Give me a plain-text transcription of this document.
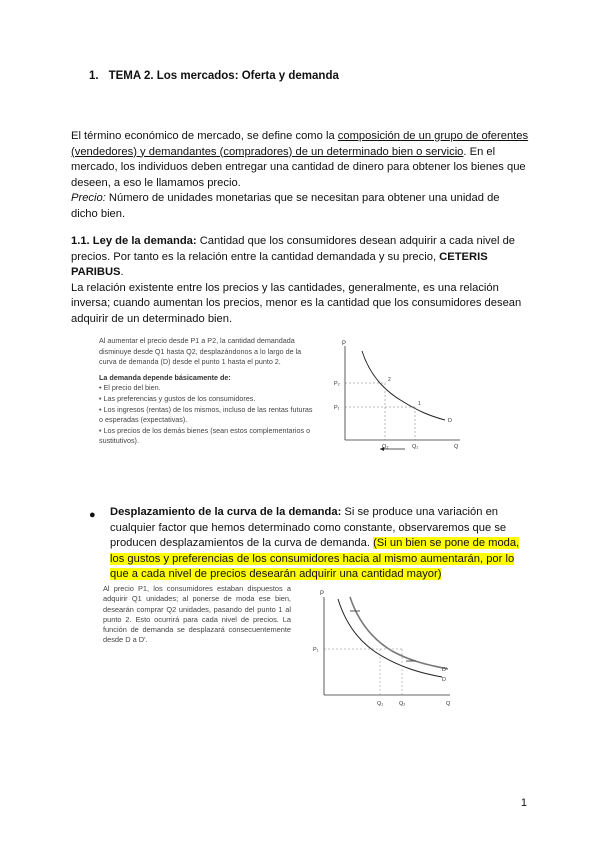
1. TEMA 2. Los mercados: Oferta y demanda
El término económico de mercado, se define como la composición de un grupo de oferentes (vendedores) y demandantes (compradores) de un determinado bien o servicio. En el mercado, los individuos deben entregar una cantidad de dinero para obtener los bienes que deseen, a eso le llamamos precio.
Precio: Número de unidades monetarias que se necesitan para obtener una unidad de dicho bien.
1.1. Ley de la demanda: Cantidad que los consumidores desean adquirir a cada nivel de precios. Por tanto es la relación entre la cantidad demandada y su precio, CETERIS PARIBUS.
La relación existente entre los precios y las cantidades, generalmente, es una relación inversa; cuando aumentan los precios, menor es la cantidad que los consumidores desean adquirir de un determinado bien.
Al aumentar el precio desde P1 a P2, la cantidad demandada disminuye desde Q1 hasta Q2, desplazándonos a lo largo de la curva de demanda (D) desde el punto 1 hasta el punto 2.
La demanda depende básicamente de:
• El precio del bien.
• Las preferencias y gustos de los consumidores.
• Los ingresos (rentas) de los mismos, incluso de las rentas futuras o esperadas (expectativas).
• Los precios de los demás bienes (sean estos complementarios o sustitutivos).
P
P₂
P₁
Q₂	Q₁	Q
D
2
1
● Desplazamiento de la curva de la demanda: Si se produce una variación en cualquier factor que hemos determinado como constante, observaremos que se producen desplazamientos de la curva de demanda. (Si un bien se pone de moda, los gustos y preferencias de los consumidores hacia al mismo aumentarán, por lo que a cada nivel de precios desearán adquirir una cantidad mayor)
Al precio P1, los consumidores estaban dispuestos a adquirir Q1 unidades; al ponerse de moda ese bien, desearán comprar Q2 unidades, pasando del punto 1 al punto 2. Esto ocurrirá para cada nivel de precios. La función de demanda se desplazará consecuentemente desde D a D'.
P
P₁
Q₁	Q₂	Q
D'
D
1
